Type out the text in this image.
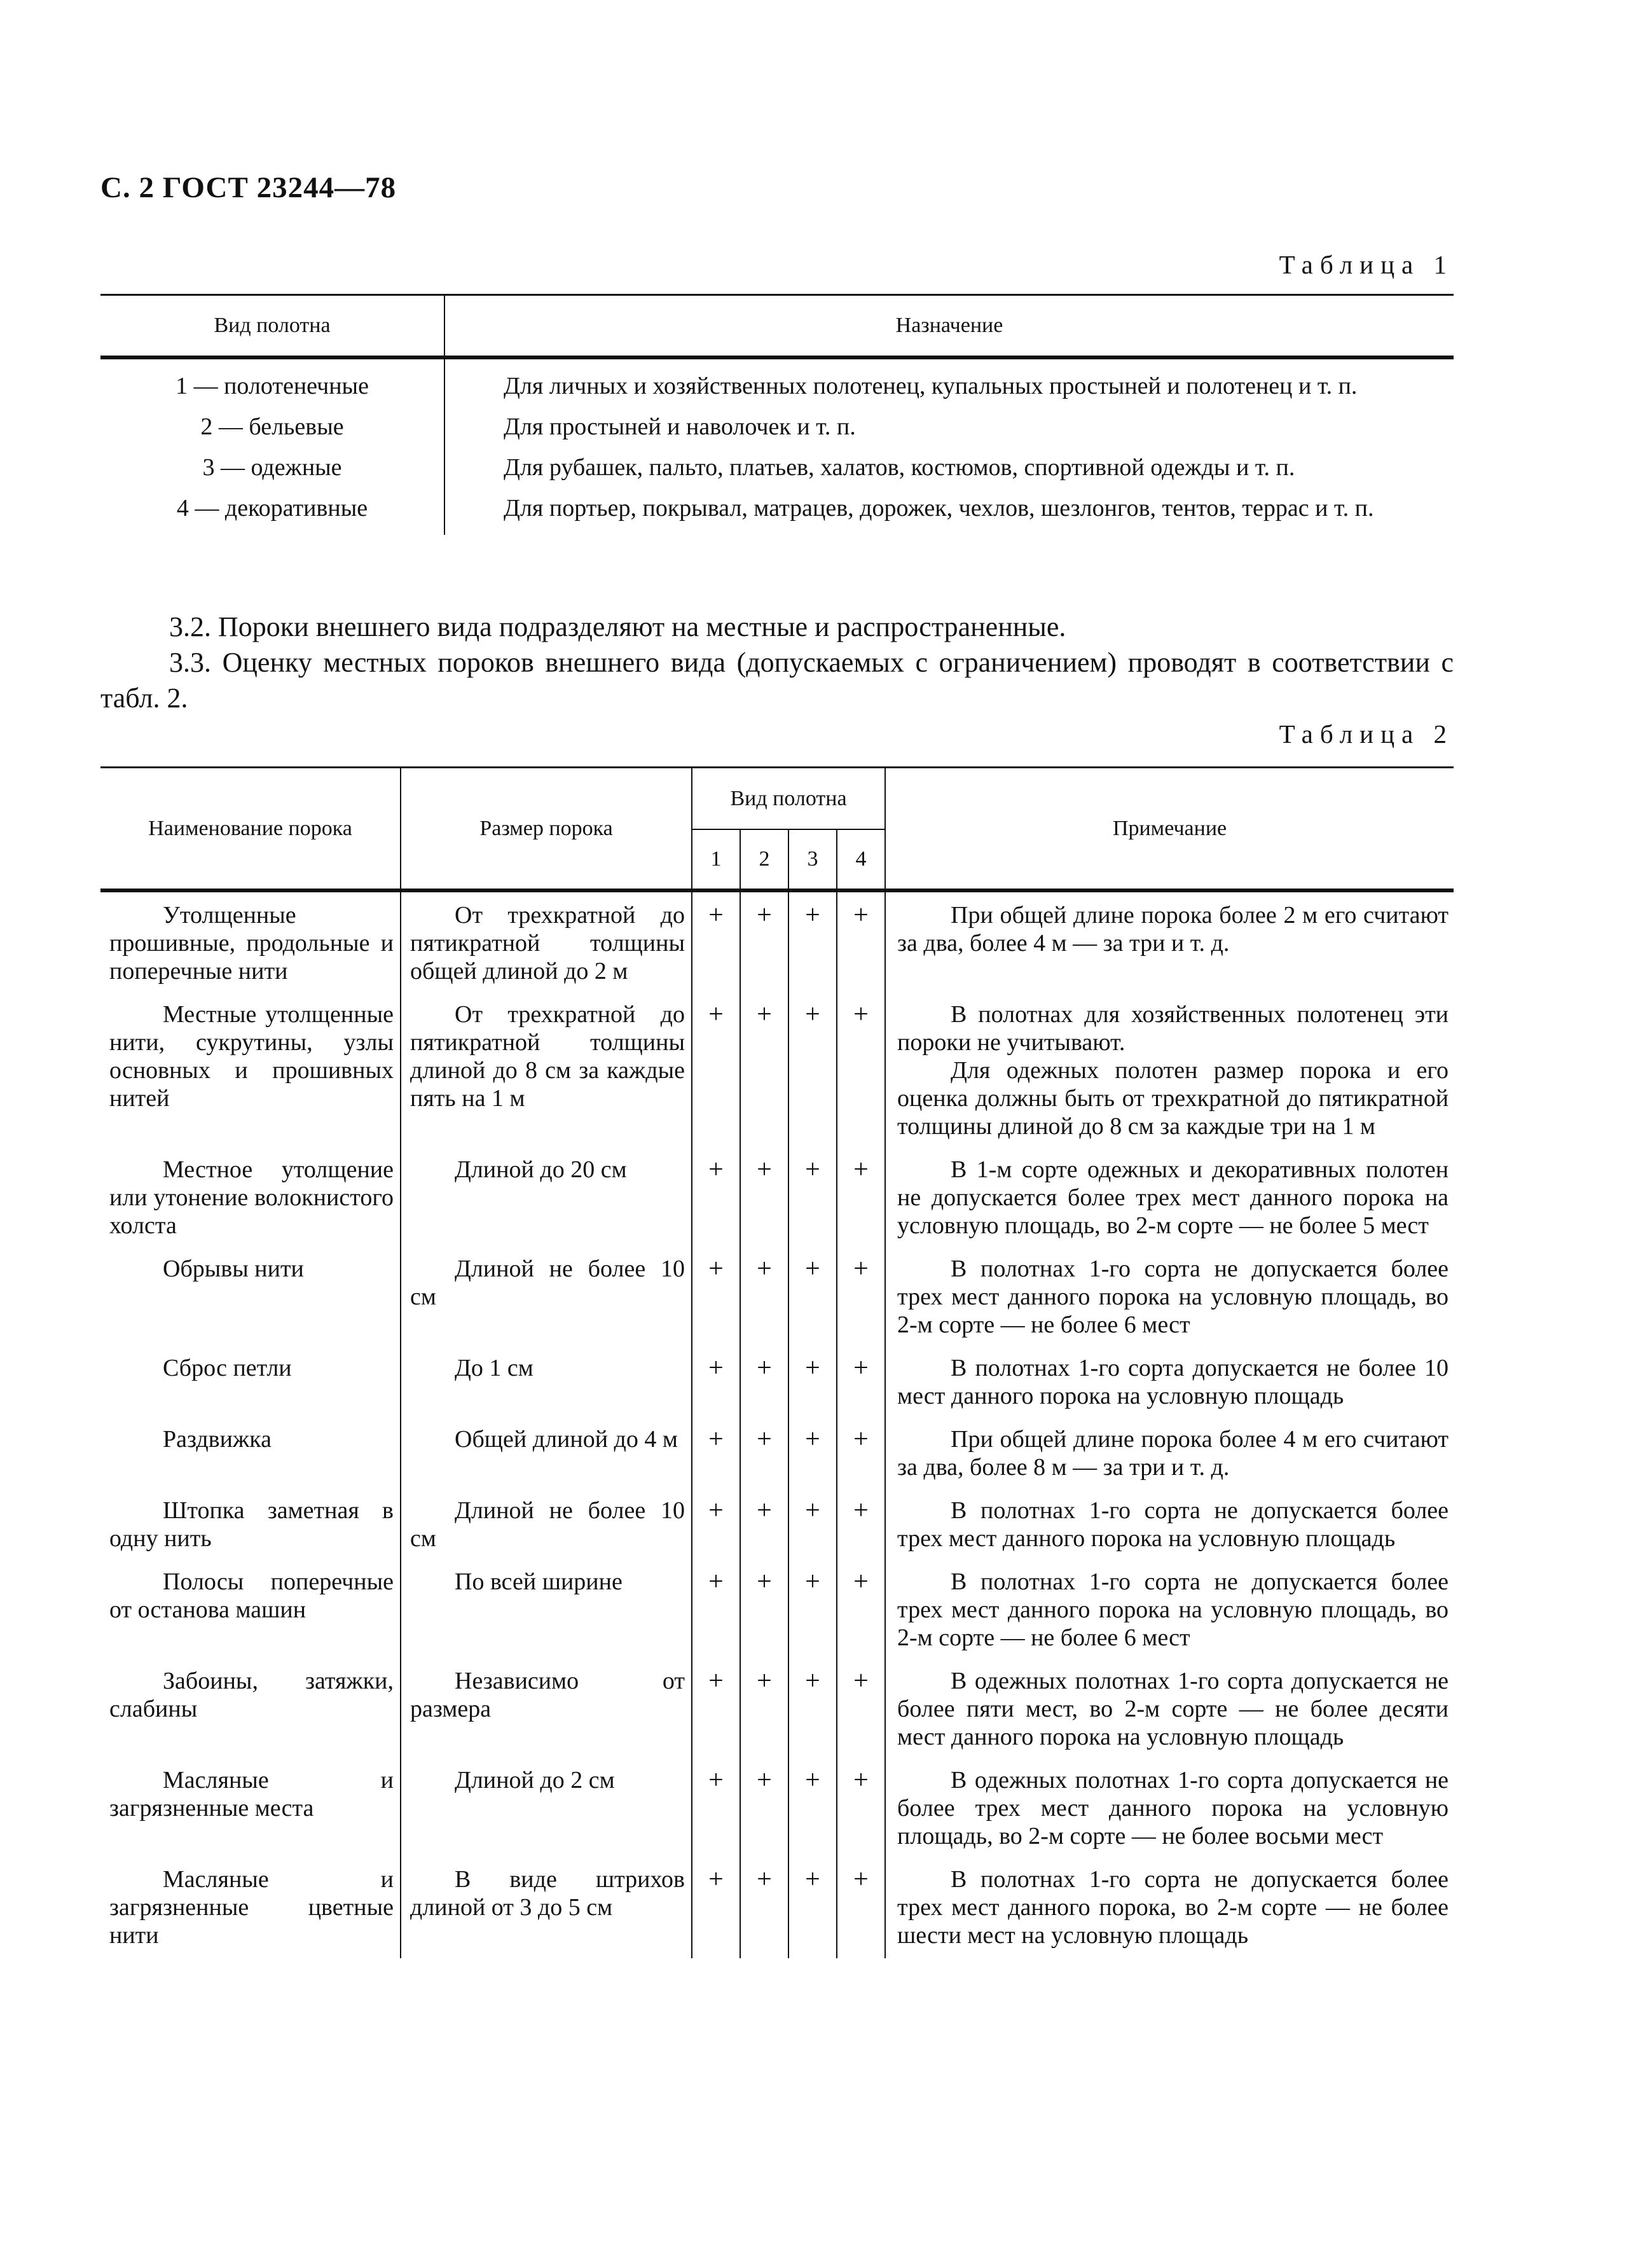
С. 2 ГОСТ 23244—78
Таблица 1
Вид полотна	Назначение
1 — полотенечные	Для личных и хозяйственных полотенец, купальных простыней и полотенец и т. п.
2 — бельевые	Для простыней и наволочек и т. п.
3 — одежные	Для рубашек, пальто, платьев, халатов, костюмов, спортивной одежды и т. п.
4 — декоративные	Для портьер, покрывал, матрацев, дорожек, чехлов, шезлонгов, тентов, террас и т. п.
3.2. Пороки внешнего вида подразделяют на местные и распространенные.
3.3. Оценку местных пороков внешнего вида (допускаемых с ограничением) проводят в соответствии с табл. 2.
Таблица 2
Наименование порока	Размер порока	Вид полотна				Примечание
		1	2	3	4	
Утолщенные прошивные, продольные и поперечные нити	От трехкратной до пятикратной толщины общей длиной до 2 м	+	+	+	+	При общей длине порока более 2 м его считают за два, более 4 м — за три и т. д.
Местные утолщенные нити, сукрутины, узлы основных и прошивных нитей	От трехкратной до пятикратной толщины длиной до 8 см за каждые пять на 1 м	+	+	+	+	В полотнах для хозяйственных полотенец эти пороки не учитывают.
Для одежных полотен размер порока и его оценка должны быть от трехкратной до пятикратной толщины длиной до 8 см за каждые три на 1 м

Местное утолщение или утонение волокнистого холста	Длиной до 20 см	+	+	+	+	В 1-м сорте одежных и декоративных полотен не допускается более трех мест данного порока на условную площадь, во 2-м сорте — не более 5 мест
Обрывы нити	Длиной не более 10 см	+	+	+	+	В полотнах 1-го сорта не допускается более трех мест данного порока на условную площадь, во 2-м сорте — не более 6 мест
Сброс петли	До 1 см	+	+	+	+	В полотнах 1-го сорта допускается не более 10 мест данного порока на условную площадь
Раздвижка	Общей длиной до 4 м	+	+	+	+	При общей длине порока более 4 м его считают за два, более 8 м — за три и т. д.
Штопка заметная в одну нить	Длиной не более 10 см	+	+	+	+	В полотнах 1-го сорта не допускается более трех мест данного порока на условную площадь
Полосы поперечные от останова машин	По всей ширине	+	+	+	+	В полотнах 1-го сорта не допускается более трех мест данного порока на условную площадь, во 2-м сорте — не более 6 мест
Забоины, затяжки, слабины	Независимо от размера	+	+	+	+	В одежных полотнах 1-го сорта допускается не более пяти мест, во 2-м сорте — не более десяти мест данного порока на условную площадь
Масляные и загрязненные места	Длиной до 2 см	+	+	+	+	В одежных полотнах 1-го сорта допускается не более трех мест данного порока на условную площадь, во 2-м сорте — не более восьми мест
Масляные и загрязненные цветные нити	В виде штрихов длиной от 3 до 5 см	+	+	+	+	В полотнах 1-го сорта не допускается более трех мест данного порока, во 2-м сорте — не более шести мест на условную площадь
